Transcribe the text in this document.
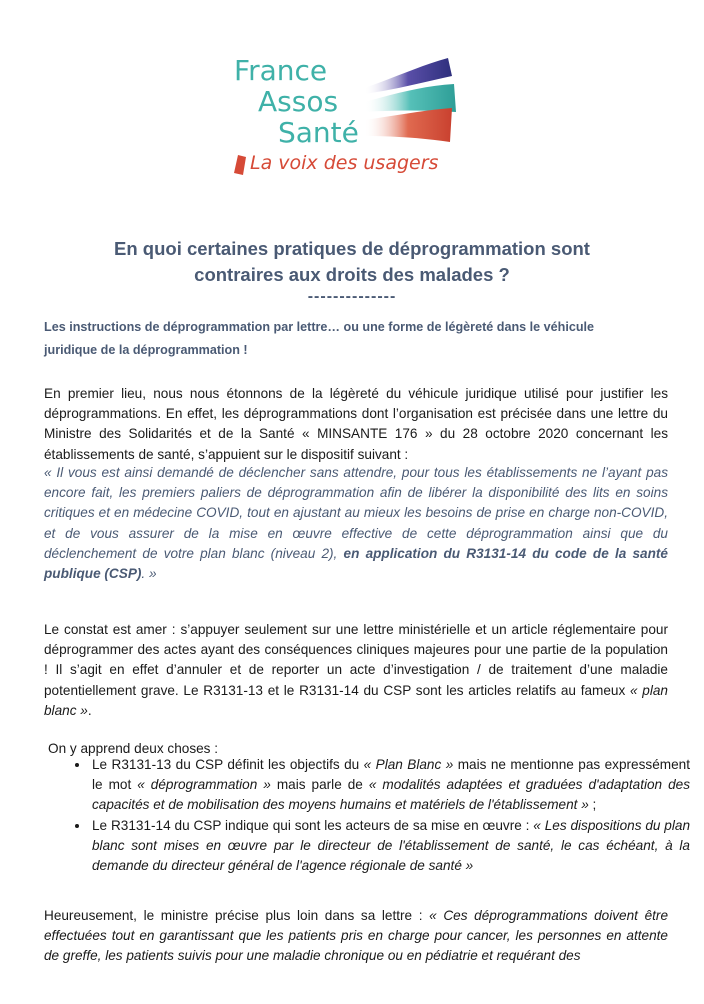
France
Assos
Santé
La voix des usagers
En quoi certaines pratiques de déprogrammation sont
contraires aux droits des malades ?
--------------
Les instructions de déprogrammation par lettre… ou une forme de légèreté dans le véhicule
juridique de la déprogrammation !
En premier lieu, nous nous étonnons de la légèreté du véhicule juridique utilisé pour justifier les déprogrammations. En effet, les déprogrammations dont l’organisation est précisée dans une lettre du Ministre des Solidarités et de la Santé « MINSANTE 176 » du 28 octobre 2020 concernant les établissements de santé, s’appuient sur le dispositif suivant :
« Il vous est ainsi demandé de déclencher sans attendre, pour tous les établissements ne l’ayant pas encore fait, les premiers paliers de déprogrammation afin de libérer la disponibilité des lits en soins critiques et en médecine COVID, tout en ajustant au mieux les besoins de prise en charge non-COVID, et de vous assurer de la mise en œuvre effective de cette déprogrammation ainsi que du déclenchement de votre plan blanc (niveau 2), en application du R3131-14 du code de la santé publique (CSP). »
Le constat est amer : s’appuyer seulement sur une lettre ministérielle et un article réglementaire pour déprogrammer des actes ayant des conséquences cliniques majeures pour une partie de la population ! Il s’agit en effet d’annuler et de reporter un acte d’investigation / de traitement d’une maladie potentiellement grave. Le R3131-13 et le R3131-14 du CSP sont les articles relatifs au fameux « plan blanc ».
On y apprend deux choses :
• Le R3131-13 du CSP définit les objectifs du « Plan Blanc » mais ne mentionne pas expressément le mot « déprogrammation » mais parle de « modalités adaptées et graduées d'adaptation des capacités et de mobilisation des moyens humains et matériels de l'établissement » ;
• Le R3131-14 du CSP indique qui sont les acteurs de sa mise en œuvre : « Les dispositions du plan blanc sont mises en œuvre par le directeur de l'établissement de santé, le cas échéant, à la demande du directeur général de l'agence régionale de santé »
Heureusement, le ministre précise plus loin dans sa lettre : « Ces déprogrammations doivent être effectuées tout en garantissant que les patients pris en charge pour cancer, les personnes en attente de greffe, les patients suivis pour une maladie chronique ou en pédiatrie et requérant des
